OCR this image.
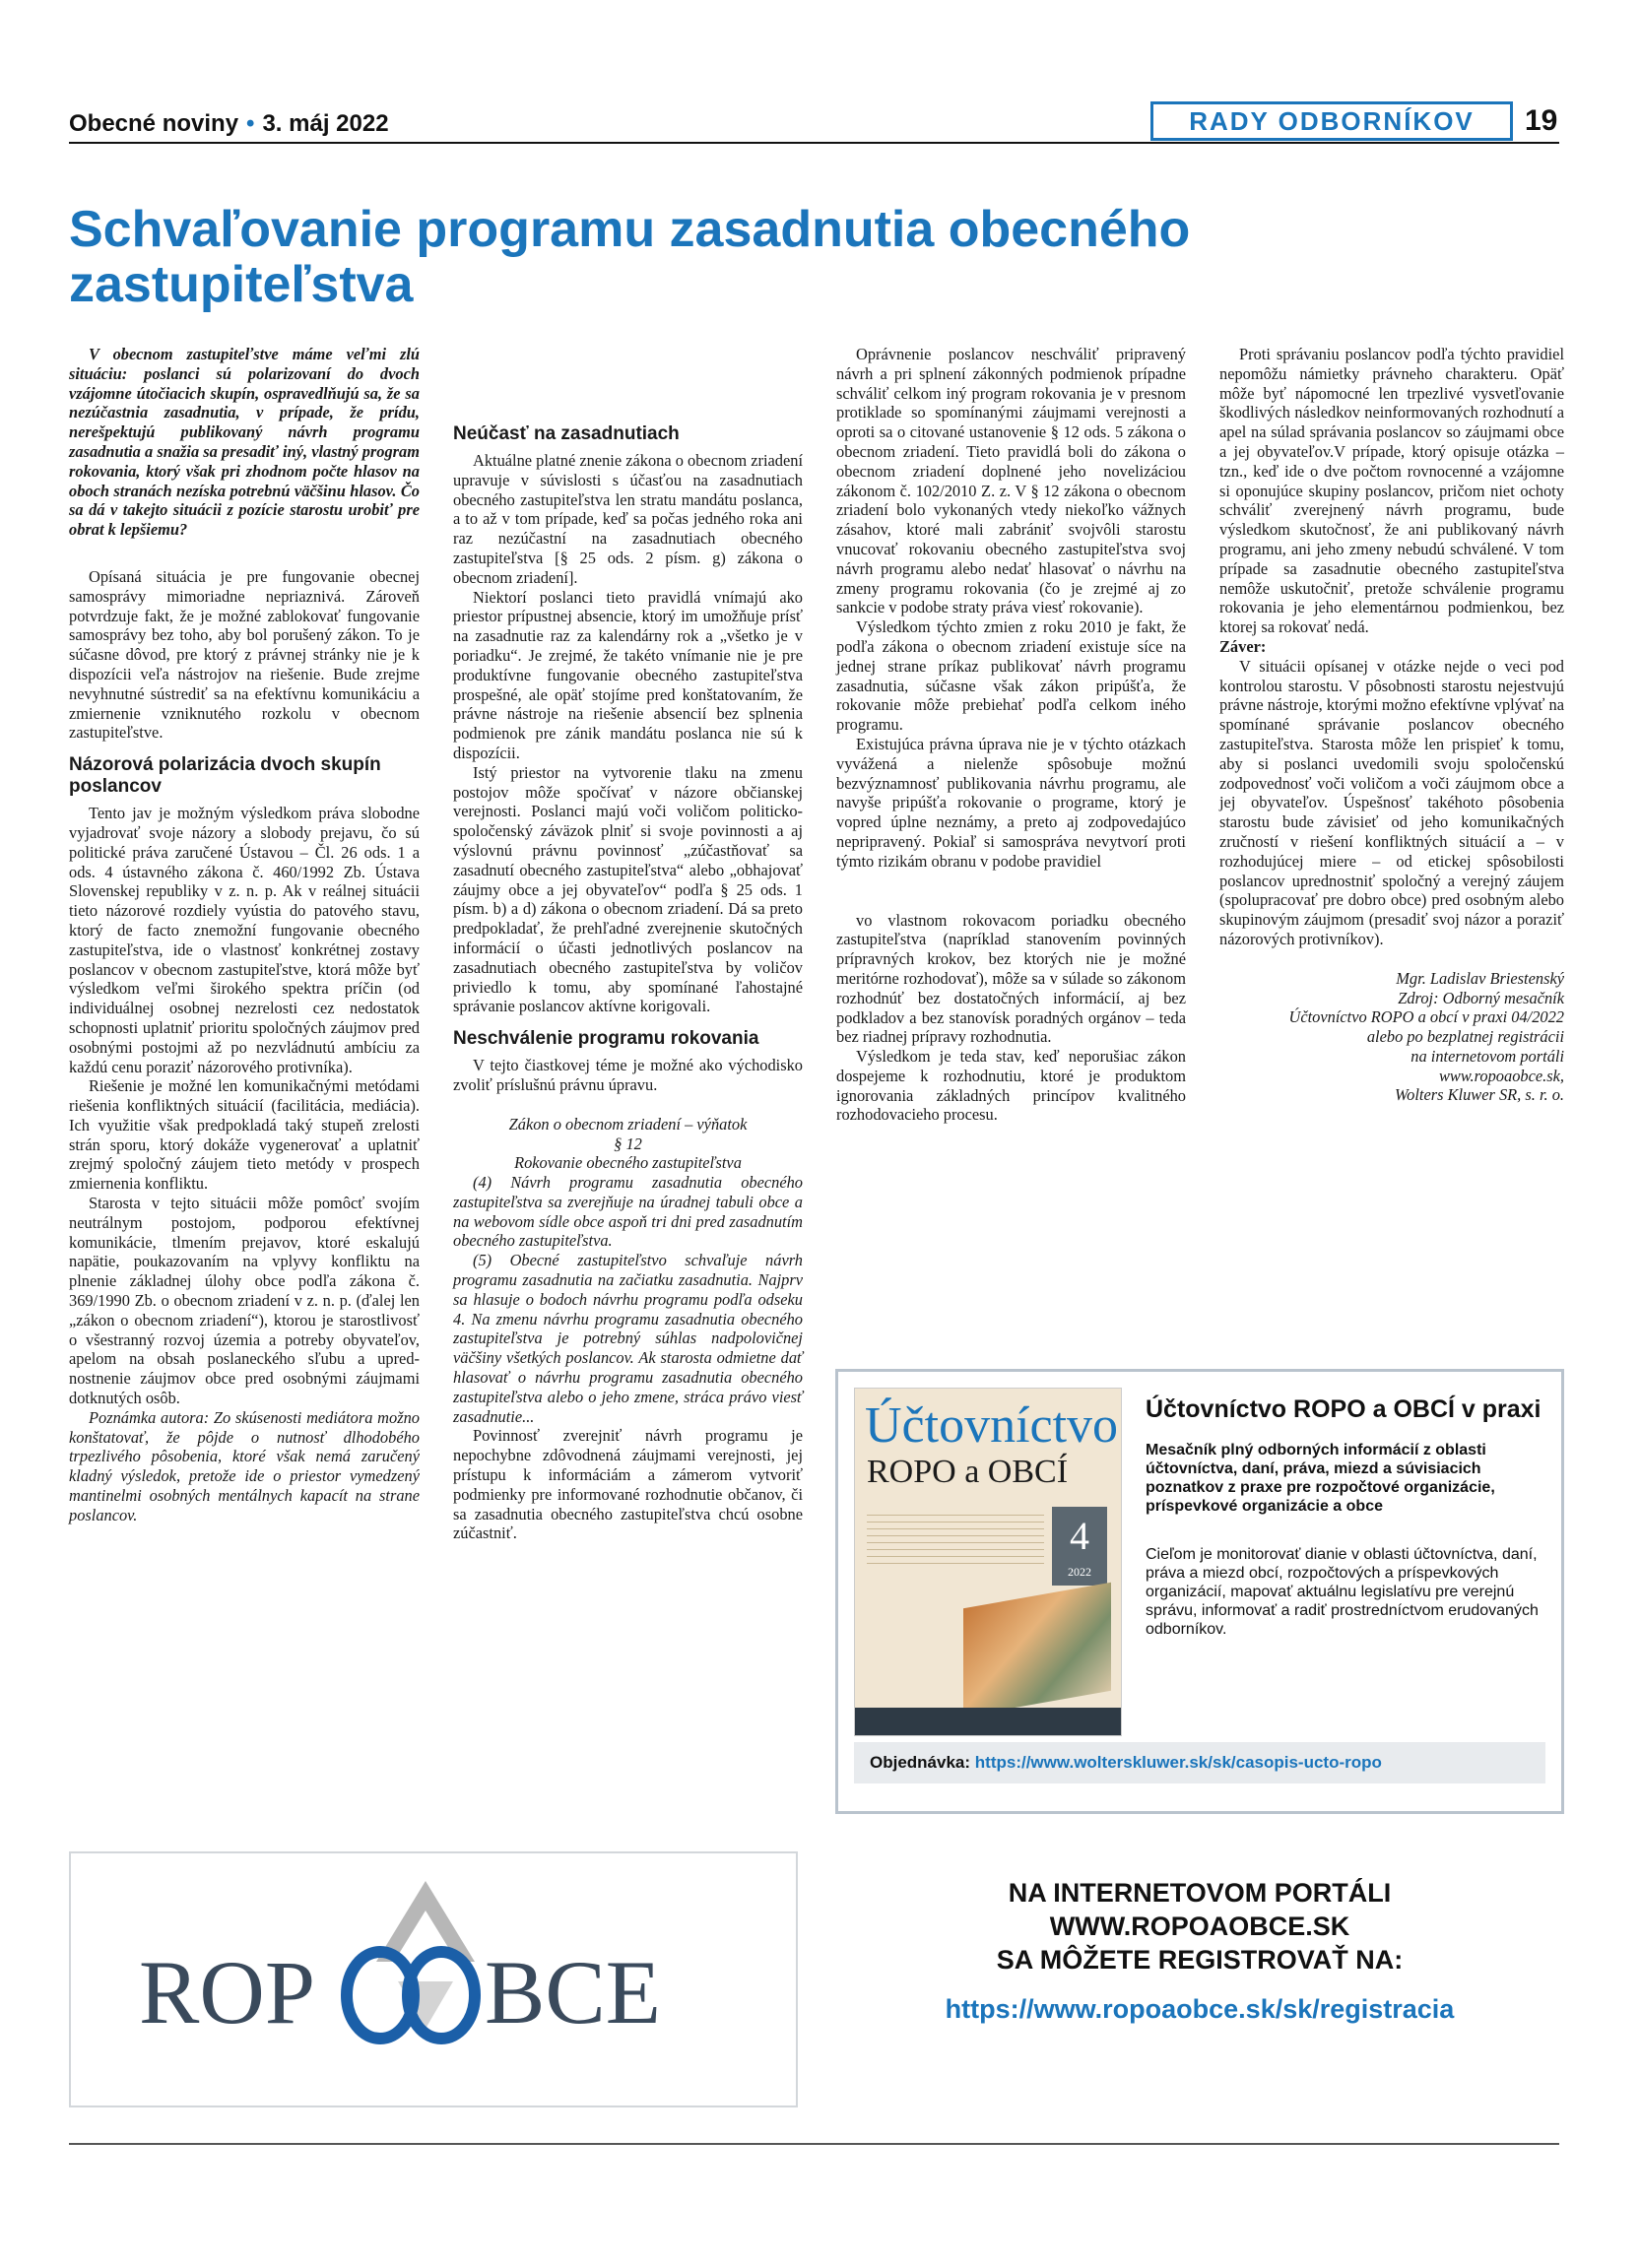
Obecné noviny • 3. máj 2022	RADY ODBORNÍKOV	19
Schvaľovanie programu zasadnutia obecného zastupiteľstva

V obecnom zastupiteľstve máme veľmi zlú situáciu: poslanci sú polarizovaní do dvoch vzájomne útočiacich skupín, ospravedlňujú sa, že sa nezúčastnia zasadnutia, v prípade, že prídu, nerešpektujú publikovaný návrh programu zasadnutia a snažia sa presadiť iný, vlastný program rokovania, ktorý však pri zhodnom počte hlasov na oboch stranách nezíska potrebnú väčšinu hlasov. Čo sa dá v takejto situácii z pozície starostu urobiť pre obrat k lepšiemu?

Opísaná situácia je pre fungovanie obecnej samosprávy mimoriadne nepriaznivá. Zároveň potvrdzuje fakt, že je možné zablokovať fungovanie samosprávy bez toho, aby bol porušený zákon. To je súčasne dôvod, pre ktorý z právnej stránky nie je k dispozícii veľa nástrojov na riešenie. Bude zrejme nevyhnutné sústrediť sa na efektívnu komunikáciu a zmiernenie vzniknutého rozkolu v obecnom zastupiteľstve.

Názorová polarizácia dvoch skupín poslancov

Tento jav je možným výsledkom práva slobodne vyjadrovať svoje názory a slobody prejavu, čo sú politické práva zaručené Ústavou – Čl. 26 ods. 1 a ods. 4 ústavného zákona č. 460/1992 Zb. Ústava Slovenskej republiky v z. n. p. Ak v reálnej situácii tieto názorové rozdiely vyústia do patového stavu, ktorý de facto znemožní fungovanie obecného zastupiteľstva, ide o vlastnosť konkrétnej zostavy poslancov v obecnom zastupiteľstve, ktorá môže byť výsledkom veľmi širokého spektra príčin (od individuálnej osobnej nezrelosti cez nedostatok schopnosti uplatniť prioritu spoločných záujmov pred osobnými postojmi až po nezvládnutú ambíciu za každú cenu poraziť názorového protivníka).

Riešenie je možné len komunikačnými metódami riešenia konfliktných situácií (facilitácia, mediácia). Ich využitie však predpokladá taký stupeň zrelosti strán sporu, ktorý dokáže vygenerovať a uplatniť zrejmý spoločný záujem tieto metódy v prospech zmiernenia konfliktu.

Starosta v tejto situácii môže pomôcť svojím neutrálnym postojom, podporou efektívnej komunikácie, tlmením prejavov, ktoré eskalujú napätie, poukazovaním na vplyvy konfliktu na plnenie základnej úlohy obce podľa zákona č. 369/1990 Zb. o obecnom zriadení v z. n. p. (ďalej len „zákon o obecnom zriadení“), ktorou je starostlivosť o všestranný rozvoj územia a potreby obyvateľov, apelom na obsah poslaneckého sľubu a uprednostnenie záujmov obce pred osobnými záujmami dotknutých osôb.

Poznámka autora: Zo skúsenosti mediátora možno konštatovať, že pôjde o nutnosť dlhodobého trpezlivého pôsobenia, ktoré však nemá zaručený kladný výsledok, pretože ide o priestor vymedzený mantinelmi osobných mentálnych kapacít na strane poslancov.

Neúčasť na zasadnutiach

Aktuálne platné znenie zákona o obecnom zriadení upravuje v súvislosti s účasťou na zasadnutiach obecného zastupiteľstva len stratu mandátu poslanca, a to až v tom prípade, keď sa počas jedného roka ani raz nezúčastní na zasadnutiach obecného zastupiteľstva [§ 25 ods. 2 písm. g) zákona o obecnom zriadení].

Niektorí poslanci tieto pravidlá vnímajú ako priestor prípustnej absencie, ktorý im umožňuje prísť na zasadnutie raz za kalendárny rok a „všetko je v poriadku“. Je zrejmé, že takéto vnímanie nie je pre produktívne fungovanie obecného zastupiteľstva prospešné, ale opäť stojíme pred konštatovaním, že právne nástroje na riešenie absencií bez splnenia podmienok pre zánik mandátu poslanca nie sú k dispozícii.

Istý priestor na vytvorenie tlaku na zmenu postojov môže spočívať v názore občianskej verejnosti. Poslanci majú voči voličom politicko-spoločenský záväzok plniť si svoje povinnosti a aj výslovnú právnu povinnosť „zúčastňovať sa zasadnutí obecného zastupiteľstva“ alebo „obhajovať záujmy obce a jej obyvateľov“ podľa § 25 ods. 1 písm. b) a d) zákona o obecnom zriadení. Dá sa preto predpokladať, že prehľadné zverejnenie skutočných informácií o účasti jednotlivých poslancov na zasadnutiach obecného zastupiteľstva by voličov priviedlo k tomu, aby spomínané ľahostajné správanie poslancov aktívne korigovali.

Neschválenie programu rokovania

V tejto čiastkovej téme je možné ako východisko zvoliť príslušnú právnu úpravu.

Zákon o obecnom zriadení – výňatok

§ 12

Rokovanie obecného zastupiteľstva

(4) Návrh programu zasadnutia obecného zastupiteľstva sa zverejňuje na úradnej tabuli obce a na webovom sídle obce aspoň tri dni pred zasadnutím obecného zastupiteľstva.

(5) Obecné zastupiteľstvo schvaľuje návrh programu zasadnutia na začiatku zasadnutia. Najprv sa hlasuje o bodoch návrhu programu podľa odseku 4. Na zmenu návrhu programu zasadnutia obecného zastupiteľstva je potrebný súhlas nadpolovičnej väčšiny všetkých poslancov. Ak starosta odmietne dať hlasovať o návrhu programu zasadnutia obecného zastupiteľstva alebo o jeho zmene, stráca právo viesť zasadnutie...

Povinnosť zverejniť návrh programu je nepochybne zdôvodnená záujmami verejnosti, jej prístupu k informáciám a zámerom vytvoriť podmienky pre informované rozhodnutie občanov, či sa zasadnutia obecného zastupiteľstva chcú osobne zúčastniť.

Oprávnenie poslancov neschváliť pripravený návrh a pri splnení zákonných podmienok prípadne schváliť celkom iný program rokovania je v presnom protiklade so spomínanými záujmami verejnosti a oproti sa o citované ustanovenie § 12 ods. 5 zákona o obecnom zriadení. Tieto pravidlá boli do zákona o obecnom zriadení doplnené jeho novelizáciou zákonom č. 102/2010 Z. z. V § 12 zákona o obecnom zriadení bolo vykonaných vtedy niekoľko vážnych zásahov, ktoré mali zabrániť svojvôli starostu vnucovať rokovaniu obecného zastupiteľstva svoj návrh programu alebo nedať hlasovať o návrhu na zmeny programu rokovania (čo je zrejmé aj zo sankcie v podobe straty práva viesť rokovanie).

Výsledkom týchto zmien z roku 2010 je fakt, že podľa zákona o obecnom zriadení existuje síce na jednej strane príkaz publikovať návrh programu zasadnutia, súčasne však zákon pripúšťa, že rokovanie môže prebiehať podľa celkom iného programu.

Existujúca právna úprava nie je v týchto otázkach vyvážená a nielenže spôsobuje možnú bezvýznamnosť publikovania návrhu programu, ale navyše pripúšťa rokovanie o programe, ktorý je vopred úplne neznámy, a preto aj zodpovedajúco nepripravený. Pokiaľ si samospráva nevytvorí proti týmto rizikám obranu v podobe pravidiel

vo vlastnom rokovacom poriadku obecného zastupiteľstva (napríklad stanovením povinných prípravných krokov, bez ktorých nie je možné meritórne rozhodovať), môže sa v súlade so zákonom rozhodnúť bez dostatočných informácií, aj bez podkladov a bez stanovísk poradných orgánov – teda bez riadnej prípravy rozhodnutia.

Výsledkom je teda stav, keď neporušiac zákon dospejeme k rozhodnutiu, ktoré je produktom ignorovania základných princípov kvalitného rozhodovacieho procesu.

Proti správaniu poslancov podľa týchto pravidiel nepomôžu námietky právneho charakteru. Opäť môže byť nápomocné len trpezlivé vysvetľovanie škodlivých následkov neinformovaných rozhodnutí a apel na súlad správania poslancov so záujmami obce a jej obyvateľov.V prípade, ktorý opisuje otázka – tzn., keď ide o dve počtom rovnocenné a vzájomne si oponujúce skupiny poslancov, pričom niet ochoty schváliť zverejnený návrh programu, bude výsledkom skutočnosť, že ani publikovaný návrh programu, ani jeho zmeny nebudú schválené. V tom prípade sa zasadnutie obecného zastupiteľstva nemôže uskutočniť, pretože schválenie programu rokovania je jeho elementárnou podmienkou, bez ktorej sa rokovať nedá.

Záver:

V situácii opísanej v otázke nejde o veci pod kontrolou starostu. V pôsobnosti starostu nejestvujú právne nástroje, ktorými možno efektívne vplývať na spomínané správanie poslancov obecného zastupiteľstva. Starosta môže len prispieť k tomu, aby si poslanci uvedomili svoju spoločenskú zodpovednosť voči voličom a voči záujmom obce a jej obyvateľov. Úspešnosť takéhoto pôsobenia starostu bude závisieť od jeho komunikačných zručností v riešení konfliktných situácií a – v rozhodujúcej miere – od etickej spôsobilosti poslancov uprednostniť spoločný a verejný záujem (spolupracovať pre dobro obce) pred osobným alebo skupinovým záujmom (presadiť svoj názor a poraziť názorových protivníkov).

Mgr. Ladislav Briestenský

Zdroj: Odborný mesačník

Účtovníctvo ROPO a obcí v praxi 04/2022

alebo po bezplatnej registrácii

na internetovom portáli

www.ropoaobce.sk,

Wolters Kluwer SR, s. r. o.

Účtovníctvo
ROPO a OBCÍ
4
2022
Účtovníctvo ROPO a OBCÍ v praxi
Mesačník plný odborných informácií z oblasti účtovníctva, daní, práva, miezd a súvisiacich poznatkov z praxe pre rozpočtové organizácie, príspevkové organizácie a obce
Cieľom je monitorovať dianie v oblasti účtovníctva, daní, práva a miezd obcí, rozpočtových a príspevkových organizácií, mapovať aktuálnu legislatívu pre verejnú správu, informovať a radiť prostredníctvom erudovaných odborníkov.
Objednávka: https://www.wolterskluwer.sk/sk/casopis-ucto-ropo
ROP BCE
NA INTERNETOVOM PORTÁLI
WWW.ROPOAOBCE.SK
SA MÔŽETE REGISTROVAŤ NA:
https://www.ropoaobce.sk/sk/registracia
